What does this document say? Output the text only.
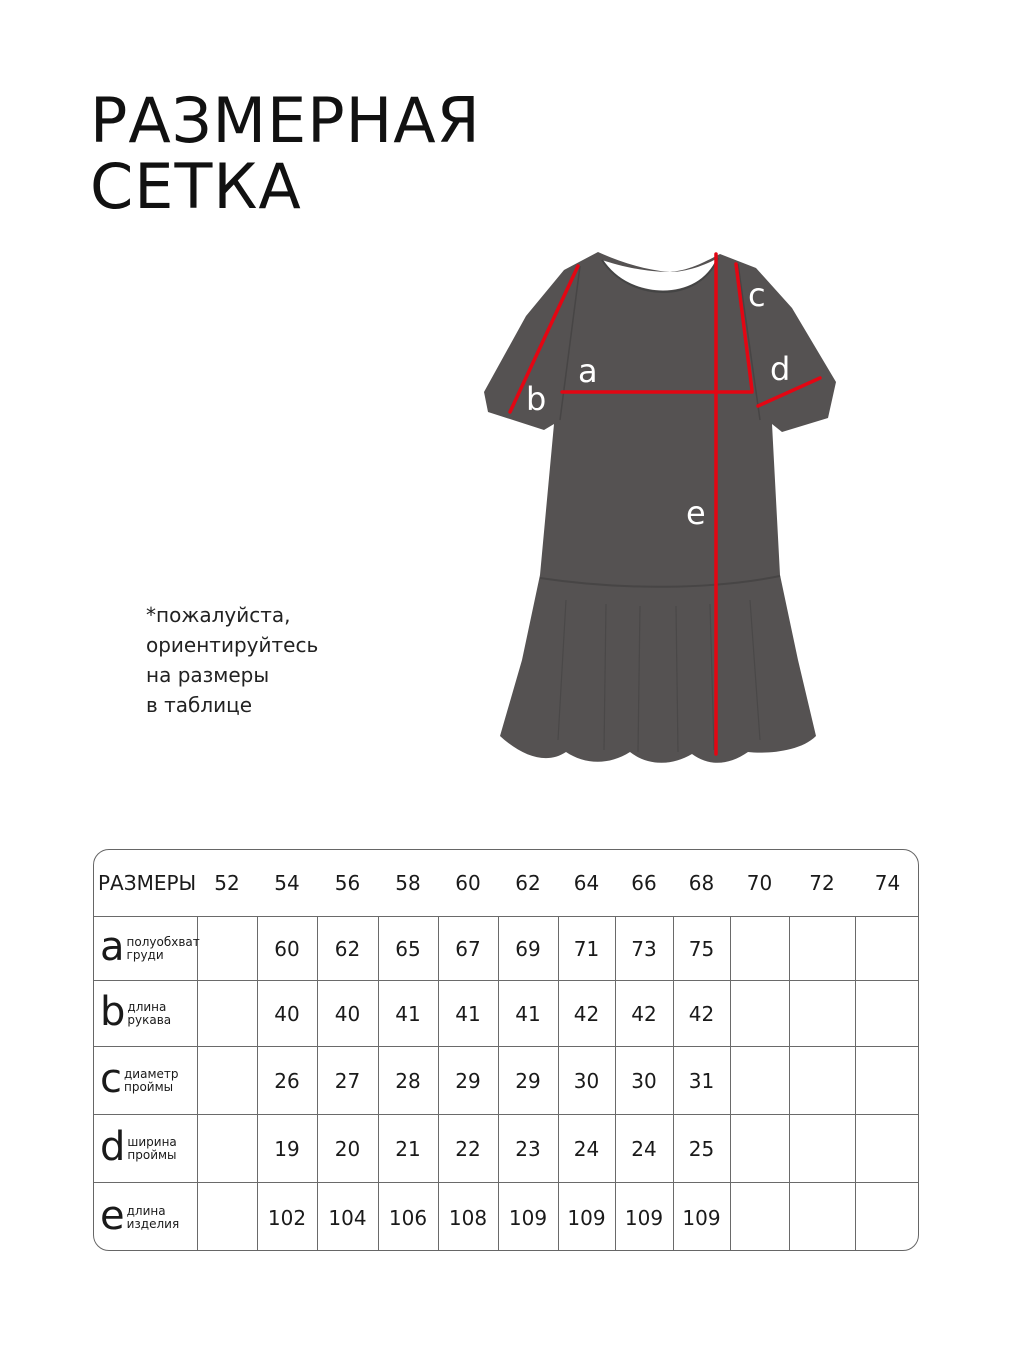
РАЗМЕРНАЯ
СЕТКА
a
b
c
d
e
*пожалуйста,
ориентируйтесь
на размеры
в таблице
РАЗМЕРЫ	52	54	56	58	60	62	64	66	68	70	72	74

a полуобхват
груди		60	62	65	67	69	71	73	75			

b длина
рукава		40	40	41	41	41	42	42	42			

c диаметр
проймы		26	27	28	29	29	30	30	31			

d ширина
проймы		19	20	21	22	23	24	24	25			

e длина
изделия		102	104	106	108	109	109	109	109			
